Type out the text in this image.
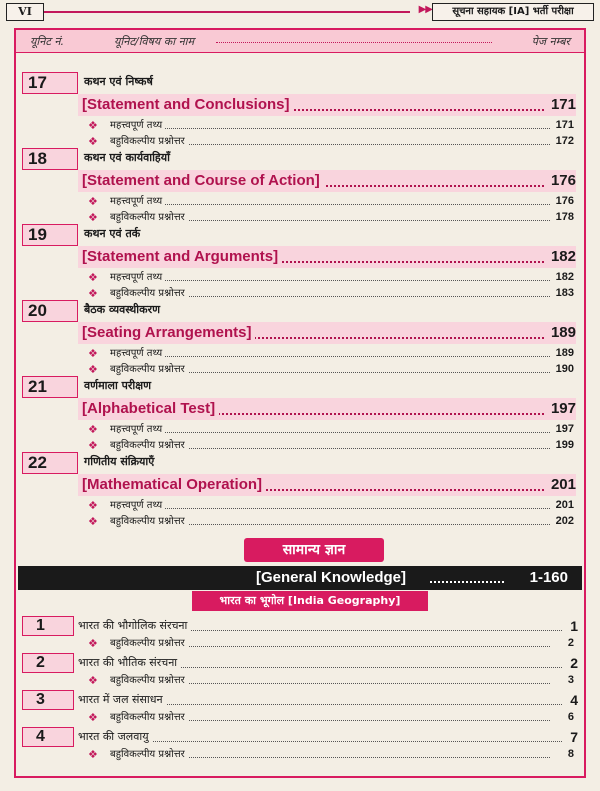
VI	▶▶	सूचना सहायक [IA] भर्ती परीक्षा
यूनिट नं.	यूनिट/विषय का नाम	पेज नम्बर
17	कथन एवं निष्कर्ष
[Statement and Conclusions]	171
❖ महत्त्वपूर्ण तथ्य	171
❖ बहुविकल्पीय प्रश्नोत्तर	172
18	कथन एवं कार्यवाहियाँ
[Statement and Course of Action]	176
❖ महत्त्वपूर्ण तथ्य	176
❖ बहुविकल्पीय प्रश्नोत्तर	178
19	कथन एवं तर्क
[Statement and Arguments]	182
❖ महत्त्वपूर्ण तथ्य	182
❖ बहुविकल्पीय प्रश्नोत्तर	183
20	बैठक व्यवस्थीकरण
[Seating Arrangements]	189
❖ महत्त्वपूर्ण तथ्य	189
❖ बहुविकल्पीय प्रश्नोत्तर	190
21	वर्णमाला परीक्षण
[Alphabetical Test]	197
❖ महत्त्वपूर्ण तथ्य	197
❖ बहुविकल्पीय प्रश्नोत्तर	199
22	गणितीय संक्रियाएँ
[Mathematical Operation]	201
❖ महत्त्वपूर्ण तथ्य	201
❖ बहुविकल्पीय प्रश्नोत्तर	202
सामान्य ज्ञान
[General Knowledge]	1-160
भारत का भूगोल [India Geography]
1	भारत की भौगोलिक संरचना	1
❖ बहुविकल्पीय प्रश्नोत्तर	2
2	भारत की भौतिक संरचना	2
❖ बहुविकल्पीय प्रश्नोत्तर	3
3	भारत में जल संसाधन	4
❖ बहुविकल्पीय प्रश्नोत्तर	6
4	भारत की जलवायु	7
❖ बहुविकल्पीय प्रश्नोत्तर	8
